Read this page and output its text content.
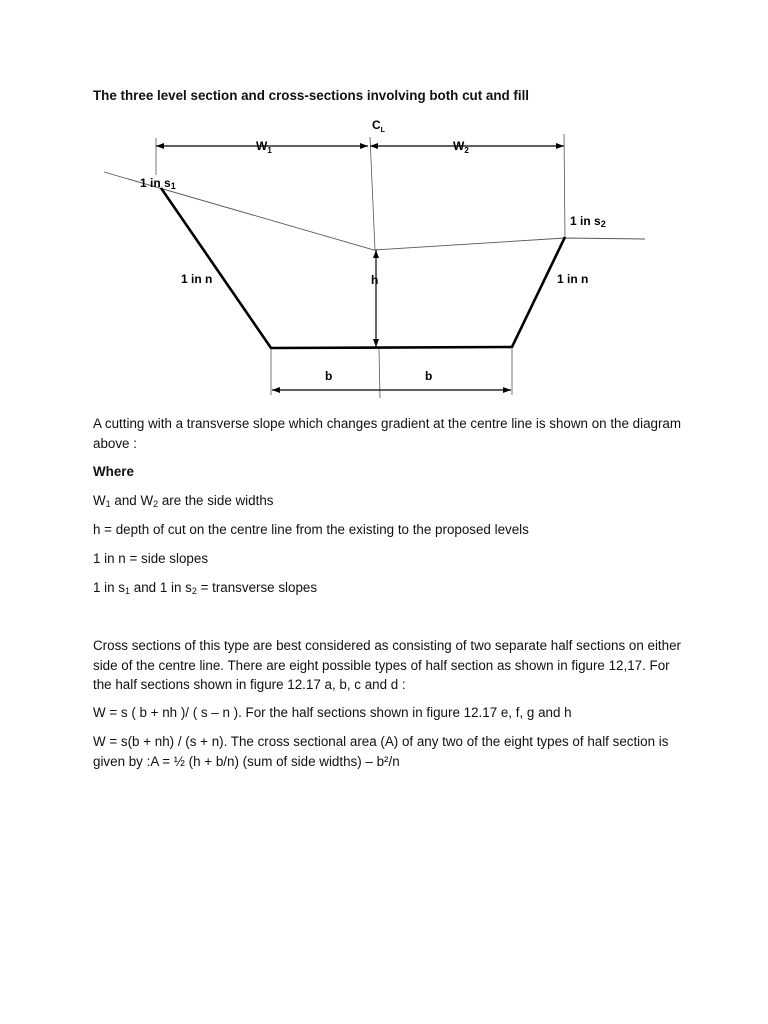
The three level section and cross-sections involving both cut and fill
$C_L$
$W_1$	$W_2$
1 in s1
1 in s2
1 in n	h	1 in n
b	b
A cutting with a transverse slope which changes gradient at the centre line is shown on the diagram above :
Where
$W_1$ and $W_2$ are the side widths
h = depth of cut on the centre line from the existing to the proposed levels
1 in n = side slopes
1 in $s_1$ and 1 in $s_2$ = transverse slopes
Cross sections of this type are best considered as consisting of two separate half sections on either side of the centre line. There are eight possible types of half section as shown in figure 12,17. For the half sections shown in figure 12.17 a, b, c and d :
W = s ( b + nh )/ ( s – n ). For the half sections shown in figure 12.17 e, f, g and h
W = s(b + nh) / (s + n). The cross sectional area (A) of any two of the eight types of half section is given by :A = ½ (h + b/n) (sum of side widths) – b²/n
